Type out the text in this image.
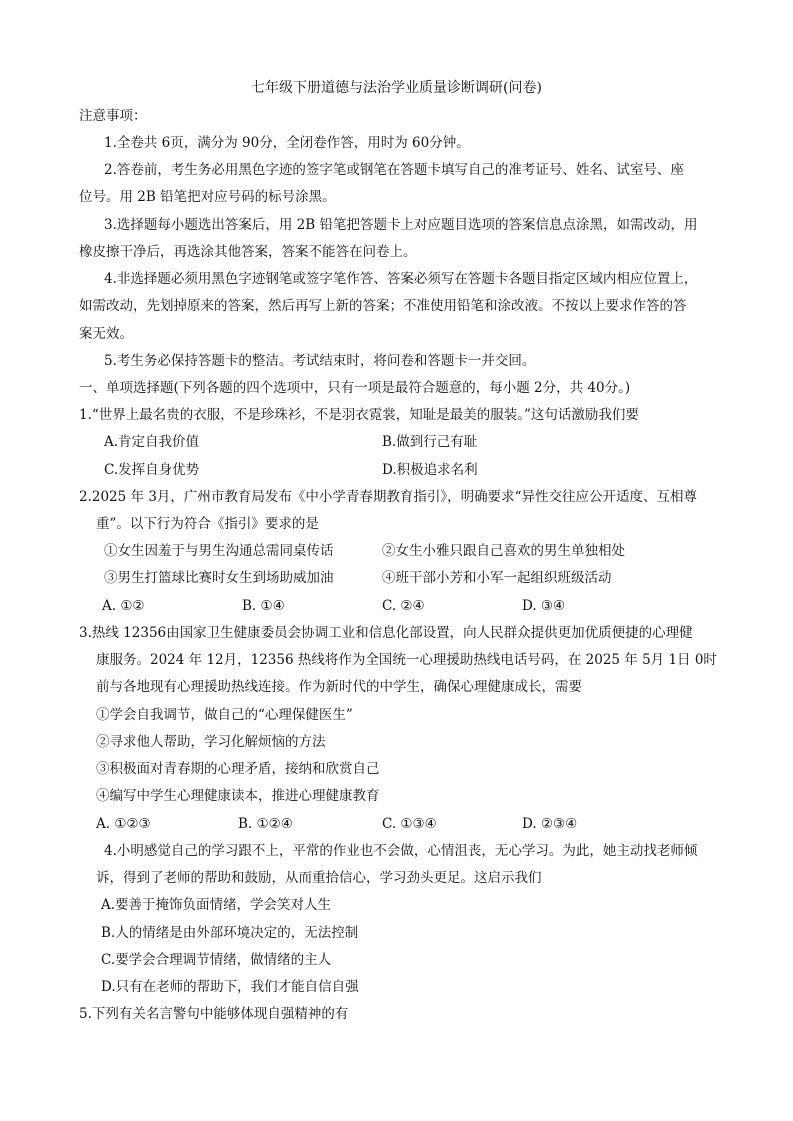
七年级下册道德与法治学业质量诊断调研(问卷)
注意事项：
1.全卷共 6页，满分为 90分，全闭卷作答，用时为 60分钟。
2.答卷前，考生务必用黑色字迹的签字笔或钢笔在答题卡填写自己的准考证号、姓名、试室号、座
位号。用 2B 铅笔把对应号码的标号涂黑。
3.选择题每小题选出答案后，用 2B 铅笔把答题卡上对应题目选项的答案信息点涂黑，如需改动，用
橡皮擦干净后，再选涂其他答案，答案不能答在问卷上。
4.非选择题必须用黑色字迹钢笔或签字笔作答、答案必须写在答题卡各题目指定区域内相应位置上，
如需改动，先划掉原来的答案，然后再写上新的答案；不准使用铅笔和涂改液。不按以上要求作答的答
案无效。
5.考生务必保持答题卡的整洁。考试结束时，将问卷和答题卡一并交回。
一、单项选择题(下列各题的四个选项中，只有一项是最符合题意的，每小题 2分，共 40分。)
1.“世界上最名贵的衣服，不是珍珠衫，不是羽衣霓裳，知耻是最美的服装。”这句话激励我们要
A.肯定自我价值	B.做到行己有耻
C.发挥自身优势	D.积极追求名利
2.2025 年 3月，广州市教育局发布《中小学青春期教育指引》，明确要求“异性交往应公开适度、互相尊
重”。以下行为符合《指引》要求的是
①女生因羞于与男生沟通总需同桌传话	②女生小雅只跟自己喜欢的男生单独相处
③男生打篮球比赛时女生到场助威加油	④班干部小芳和小军一起组织班级活动
A. ①②	B. ①④	C. ②④	D. ③④
3.热线 12356由国家卫生健康委员会协调工业和信息化部设置，向人民群众提供更加优质便捷的心理健
康服务。2024 年 12月，12356 热线将作为全国统一心理援助热线电话号码，在 2025 年 5月 1日 0时
前与各地现有心理援助热线连接。作为新时代的中学生，确保心理健康成长，需要
①学会自我调节，做自己的“心理保健医生”
②寻求他人帮助，学习化解烦恼的方法
③积极面对青春期的心理矛盾，接纳和欣赏自己
④编写中学生心理健康读本，推进心理健康教育
A. ①②③	B. ①②④	C. ①③④	D. ②③④
4.小明感觉自己的学习跟不上，平常的作业也不会做，心情沮丧，无心学习。为此，她主动找老师倾
诉，得到了老师的帮助和鼓励，从而重拾信心，学习劲头更足。这启示我们
A.要善于掩饰负面情绪，学会笑对人生
B.人的情绪是由外部环境决定的，无法控制
C.要学会合理调节情绪，做情绪的主人
D.只有在老师的帮助下，我们才能自信自强
5.下列有关名言警句中能够体现自强精神的有
